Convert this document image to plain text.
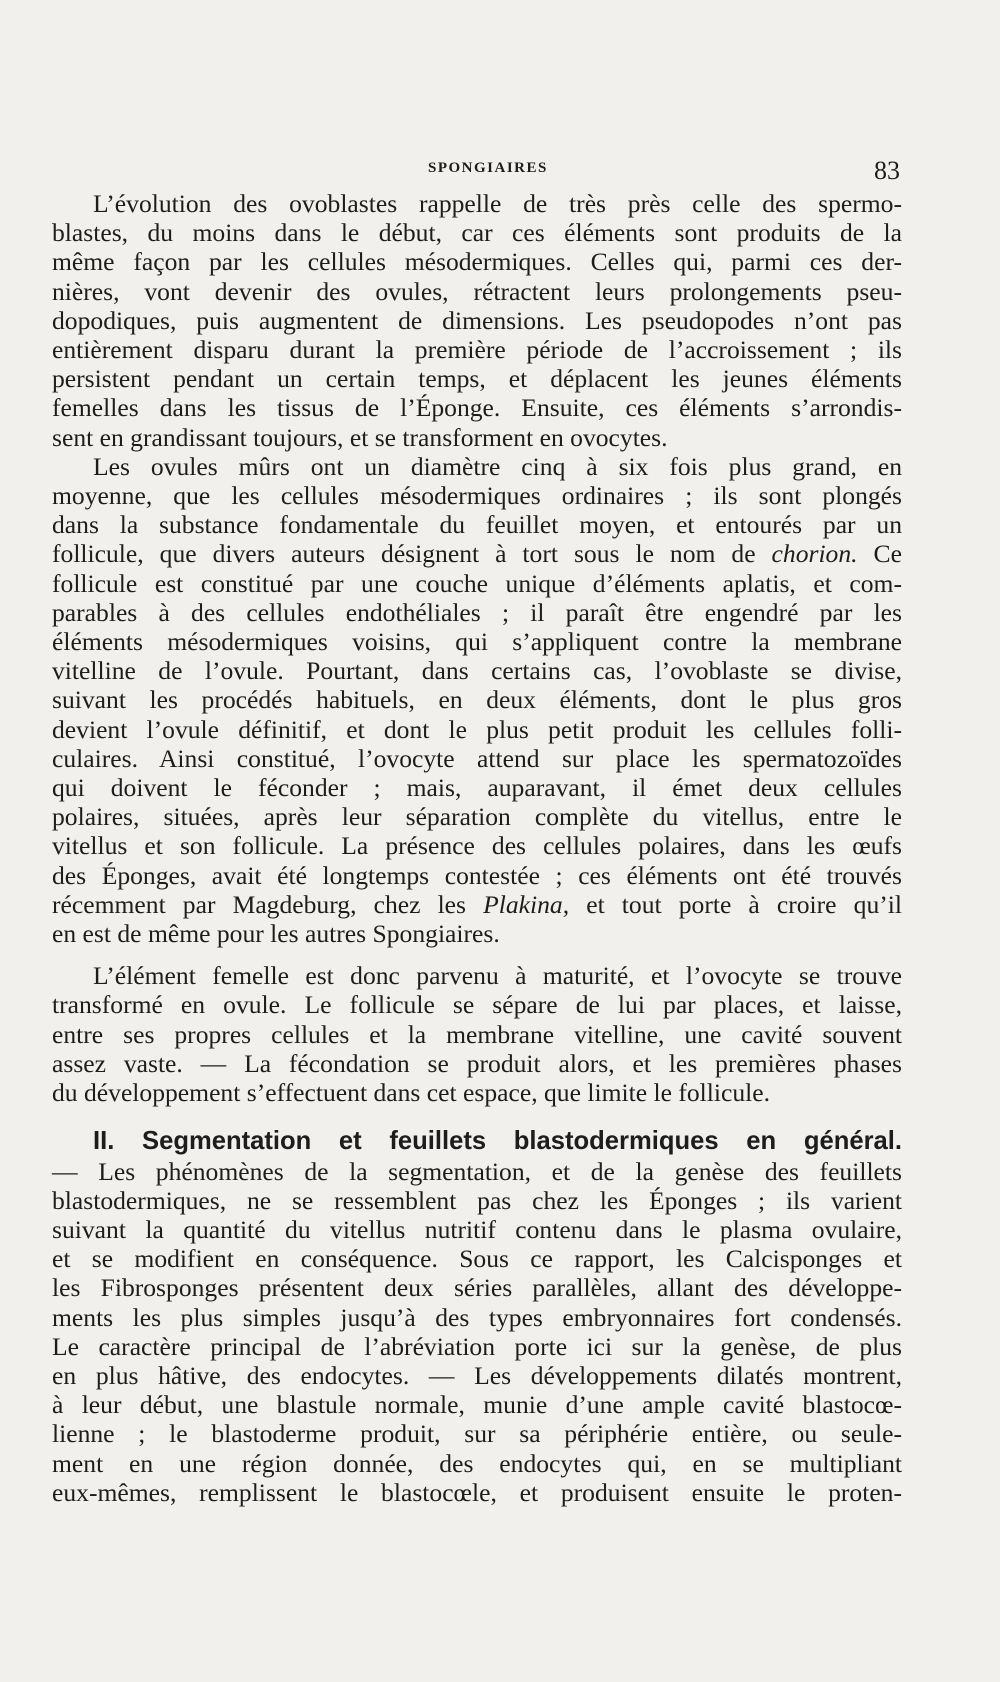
SPONGIAIRES	83

L’évolution des ovoblastes rappelle de très près celle des spermo-
blastes, du moins dans le début, car ces éléments sont produits de la
même façon par les cellules mésodermiques. Celles qui, parmi ces der-
nières, vont devenir des ovules, rétractent leurs prolongements pseu-
dopodiques, puis augmentent de dimensions. Les pseudopodes n’ont pas
entièrement disparu durant la première période de l’accroissement ; ils
persistent pendant un certain temps, et déplacent les jeunes éléments
femelles dans les tissus de l’Éponge. Ensuite, ces éléments s’arrondis-
sent en grandissant toujours, et se transforment en ovocytes.

Les ovules mûrs ont un diamètre cinq à six fois plus grand, en
moyenne, que les cellules mésodermiques ordinaires ; ils sont plongés
dans la substance fondamentale du feuillet moyen, et entourés par un
follicule, que divers auteurs désignent à tort sous le nom de chorion. Ce
follicule est constitué par une couche unique d’éléments aplatis, et com-
parables à des cellules endothéliales ; il paraît être engendré par les
éléments mésodermiques voisins, qui s’appliquent contre la membrane
vitelline de l’ovule. Pourtant, dans certains cas, l’ovoblaste se divise,
suivant les procédés habituels, en deux éléments, dont le plus gros
devient l’ovule définitif, et dont le plus petit produit les cellules folli-
culaires. Ainsi constitué, l’ovocyte attend sur place les spermatozoïdes
qui doivent le féconder ; mais, auparavant, il émet deux cellules
polaires, situées, après leur séparation complète du vitellus, entre le
vitellus et son follicule. La présence des cellules polaires, dans les œufs
des Éponges, avait été longtemps contestée ; ces éléments ont été trouvés
récemment par Magdeburg, chez les Plakina, et tout porte à croire qu’il
en est de même pour les autres Spongiaires.

L’élément femelle est donc parvenu à maturité, et l’ovocyte se trouve
transformé en ovule. Le follicule se sépare de lui par places, et laisse,
entre ses propres cellules et la membrane vitelline, une cavité souvent
assez vaste. — La fécondation se produit alors, et les premières phases
du développement s’effectuent dans cet espace, que limite le follicule.

II. Segmentation et feuillets blastodermiques en général.
— Les phénomènes de la segmentation, et de la genèse des feuillets
blastodermiques, ne se ressemblent pas chez les Éponges ; ils varient
suivant la quantité du vitellus nutritif contenu dans le plasma ovulaire,
et se modifient en conséquence. Sous ce rapport, les Calcisponges et
les Fibrosponges présentent deux séries parallèles, allant des développe-
ments les plus simples jusqu’à des types embryonnaires fort condensés.
Le caractère principal de l’abréviation porte ici sur la genèse, de plus
en plus hâtive, des endocytes. — Les développements dilatés montrent,
à leur début, une blastule normale, munie d’une ample cavité blastocœ-
lienne ; le blastoderme produit, sur sa périphérie entière, ou seule-
ment en une région donnée, des endocytes qui, en se multipliant
eux-mêmes, remplissent le blastocœle, et produisent ensuite le proten-
